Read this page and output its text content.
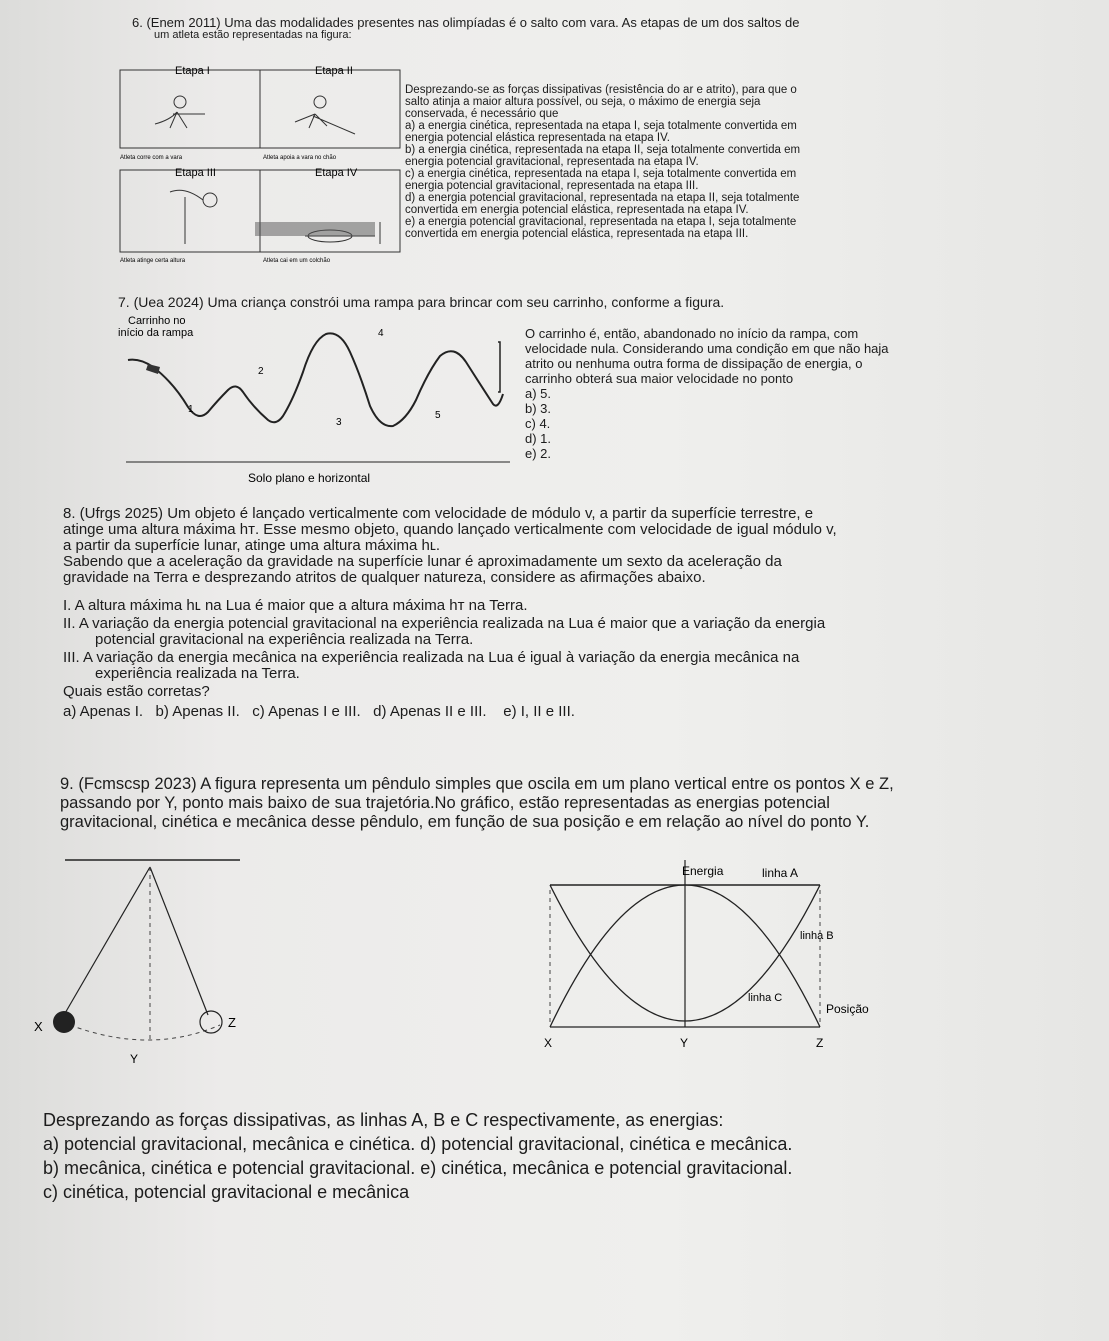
6. (Enem 2011) Uma das modalidades presentes nas olimpíadas é o salto com vara. As etapas de um dos saltos de
um atleta estão representadas na figura:
Etapa I	Etapa II
Etapa III	Etapa IV
Atleta corre com a vara	Atleta apoia a vara no chão
Atleta atinge certa altura	Atleta cai em um colchão
Desprezando-se as forças dissipativas (resistência do ar e atrito), para que o
salto atinja a maior altura possível, ou seja, o máximo de energia seja
conservada, é necessário que
a) a energia cinética, representada na etapa I, seja totalmente convertida em
energia potencial elástica representada na etapa IV.
b) a energia cinética, representada na etapa II, seja totalmente convertida em
energia potencial gravitacional, representada na etapa IV.
c) a energia cinética, representada na etapa I, seja totalmente convertida em
energia potencial gravitacional, representada na etapa III.
d) a energia potencial gravitacional, representada na etapa II, seja totalmente
convertida em energia potencial elástica, representada na etapa IV.
e) a energia potencial gravitacional, representada na etapa I, seja totalmente
convertida em energia potencial elástica, representada na etapa III.
7. (Uea 2024) Uma criança constrói uma rampa para brincar com seu carrinho, conforme a figura.
Carrinho no
início da rampa
1
2
3
4
5
Solo plano e horizontal
O carrinho é, então, abandonado no início da rampa, com
velocidade nula. Considerando uma condição em que não haja
atrito ou nenhuma outra forma de dissipação de energia, o
carrinho obterá sua maior velocidade no ponto
a) 5.
b) 3.
c) 4.
d) 1.
e) 2.

8. (Ufrgs 2025) Um objeto é lançado verticalmente com velocidade de módulo v, a partir da superfície terrestre, e

atinge uma altura máxima hᴛ. Esse mesmo objeto, quando lançado verticalmente com velocidade de igual módulo v,

a partir da superfície lunar, atinge uma altura máxima hʟ.

Sabendo que a aceleração da gravidade na superfície lunar é aproximadamente um sexto da aceleração da

gravidade na Terra e desprezando atritos de qualquer natureza, considere as afirmações abaixo.

I. A altura máxima hʟ na Lua é maior que a altura máxima hᴛ na Terra.

II. A variação da energia potencial gravitacional na experiência realizada na Lua é maior que a variação da energia

potencial gravitacional na experiência realizada na Terra.

III. A variação da energia mecânica na experiência realizada na Lua é igual à variação da energia mecânica na

experiência realizada na Terra.

Quais estão corretas?

a) Apenas I.   b) Apenas II.   c) Apenas I e III.   d) Apenas II e III.    e) I, II e III.

9. (Fcmscsp 2023) A figura representa um pêndulo simples que oscila em um plano vertical entre os pontos X e Z,

passando por Y, ponto mais baixo de sua trajetória.No gráfico, estão representadas as energias potencial

gravitacional, cinética e mecânica desse pêndulo, em função de sua posição e em relação ao nível do ponto Y.

X
Y
Z
Energia	linha A
linha B
linha C
Posição
X	Y	Z
Desprezando as forças dissipativas, as linhas A, B e C respectivamente, as energias:
a) potencial gravitacional, mecânica e cinética. d) potencial gravitacional, cinética e mecânica.
b) mecânica, cinética e potencial gravitacional. e) cinética, mecânica e potencial gravitacional.
c) cinética, potencial gravitacional e mecânica
